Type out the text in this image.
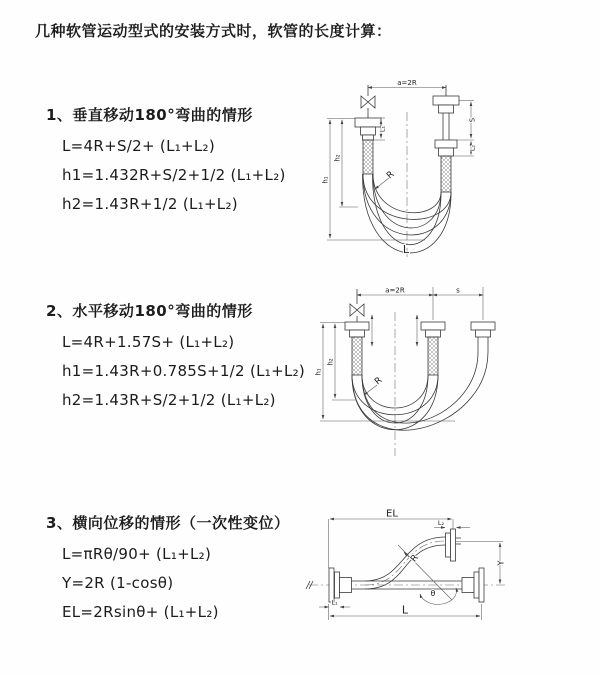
几种软管运动型式的安装方式时，软管的长度计算：

1、垂直移动180°弯曲的情形

L=4R+S/2+ (L₁+L₂)

h1=1.432R+S/2+1/2 (L₁+L₂)

h2=1.43R+1/2 (L₁+L₂)

2、水平移动180°弯曲的情形

L=4R+1.57S+ (L₁+L₂)

h1=1.43R+0.785S+1/2 (L₁+L₂)

h2=1.43R+S/2+1/2 (L₁+L₂)

3、横向位移的情形（一次性变位）

L=πRθ/90+ (L₁+L₂)

Y=2R (1-cosθ)

EL=2Rsinθ+ (L₁+L₂)

a=2R
h₁
h₂
L₁
S
L₂
R
L
a=2R	s
h₁
h₂
R
EL
L₂
Y
θ
R
L
L₁
